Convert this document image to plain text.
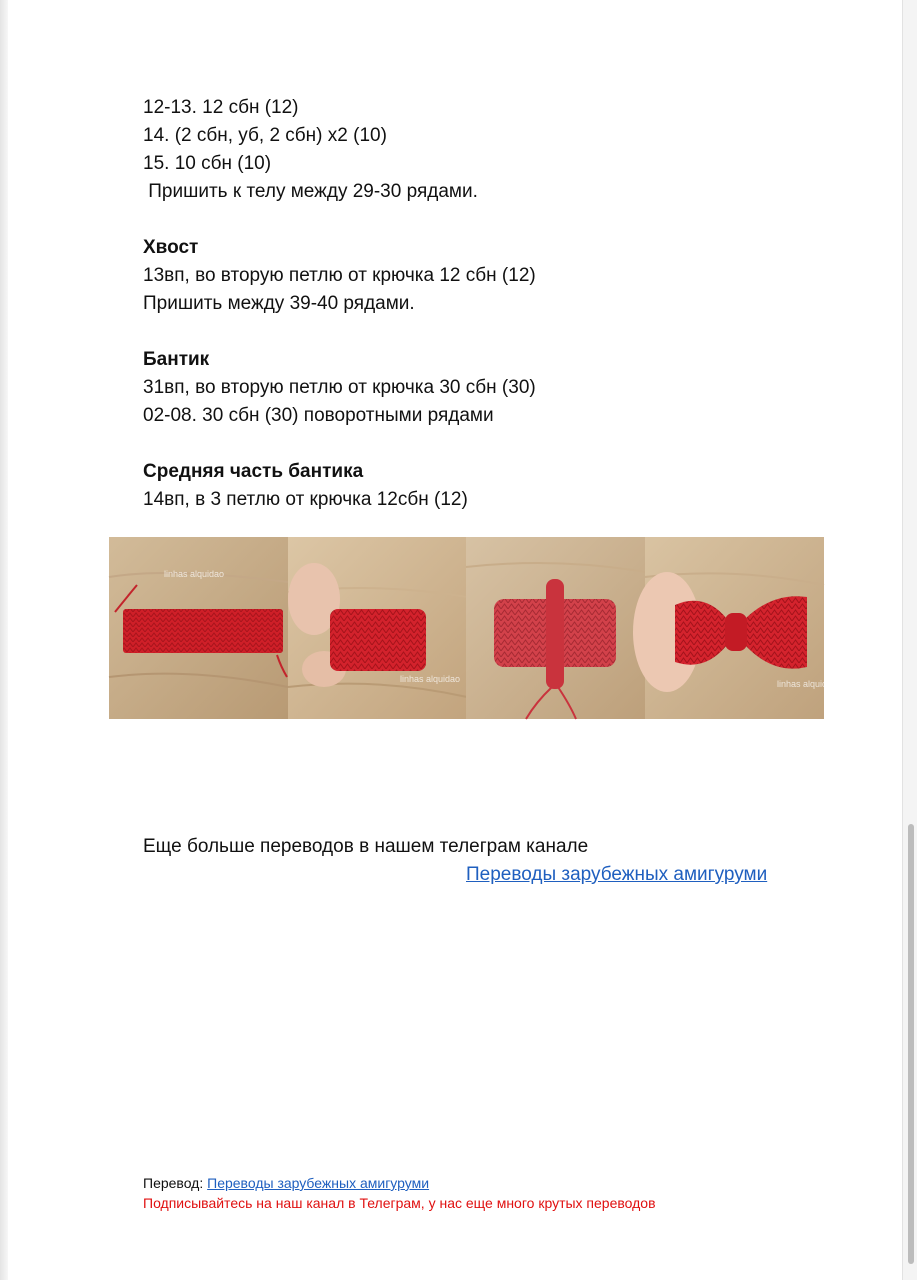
12-13. 12 сбн (12)
14. (2 сбн, уб, 2 сбн) x2 (10)
15. 10 сбн (10)
Пришить к телу между 29-30 рядами.
Хвост
13вп, во вторую петлю от крючка 12 сбн (12)
Пришить между 39-40 рядами.
Бантик
31вп, во вторую петлю от крючка 30 сбн (30)
02-08. 30 сбн (30) поворотными рядами
Средняя часть бантика
14вп, в 3 петлю от крючка 12сбн (12)
linhas alquidao
linhas alquidao	linhas alquidao
Еще больше переводов в нашем телеграм канале
Переводы зарубежных амигуруми
Перевод: Переводы зарубежных амигуруми
Подписывайтесь на наш канал в Телеграм, у нас еще много крутых переводов
